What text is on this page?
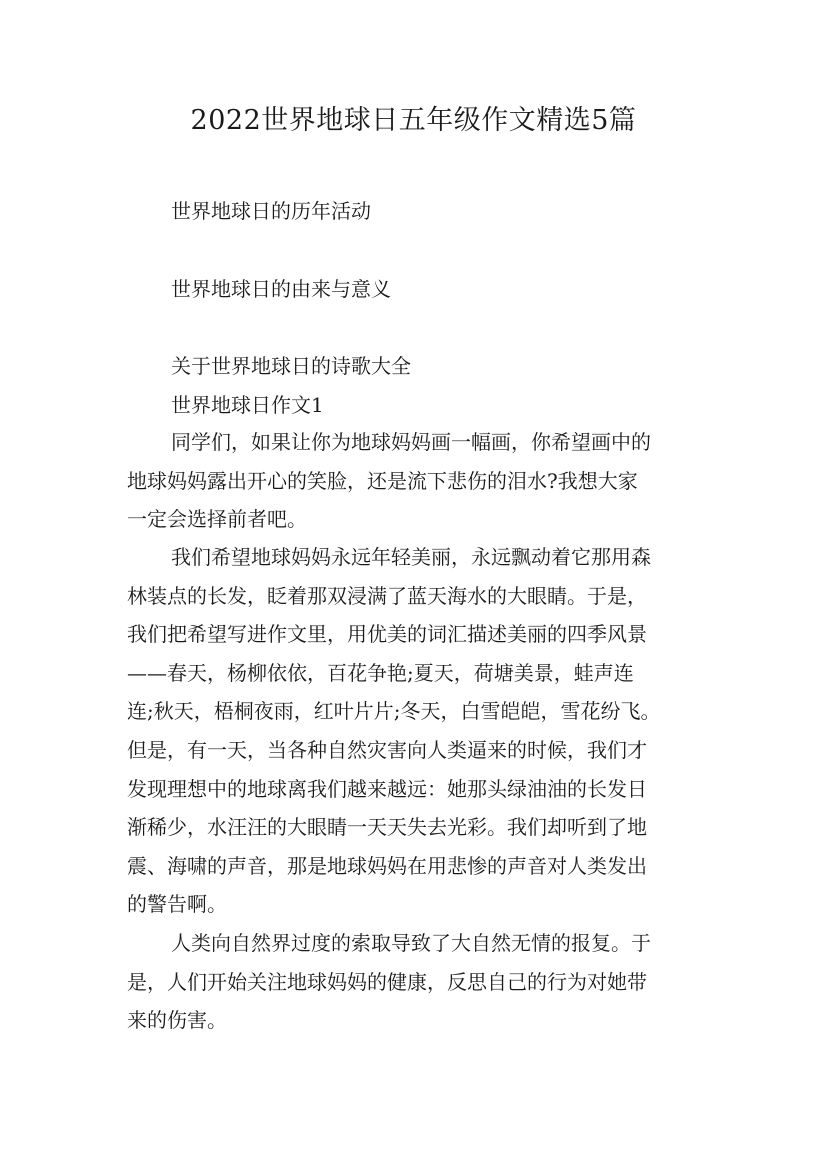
2022世界地球日五年级作文精选5篇

世界地球日的历年活动

世界地球日的由来与意义

关于世界地球日的诗歌大全

世界地球日作文1

同学们，如果让你为地球妈妈画一幅画，你希望画中的
地球妈妈露出开心的笑脸，还是流下悲伤的泪水?我想大家
一定会选择前者吧。
我们希望地球妈妈永远年轻美丽，永远飘动着它那用森
林装点的长发，眨着那双浸满了蓝天海水的大眼睛。于是，
我们把希望写进作文里，用优美的词汇描述美丽的四季风景
——春天，杨柳依依，百花争艳;夏天，荷塘美景，蛙声连
连;秋天，梧桐夜雨，红叶片片;冬天，白雪皑皑，雪花纷飞。
但是，有一天，当各种自然灾害向人类逼来的时候，我们才
发现理想中的地球离我们越来越远：她那头绿油油的长发日
渐稀少，水汪汪的大眼睛一天天失去光彩。我们却听到了地
震、海啸的声音，那是地球妈妈在用悲惨的声音对人类发出
的警告啊。
人类向自然界过度的索取导致了大自然无情的报复。于
是，人们开始关注地球妈妈的健康，反思自己的行为对她带
来的伤害。
